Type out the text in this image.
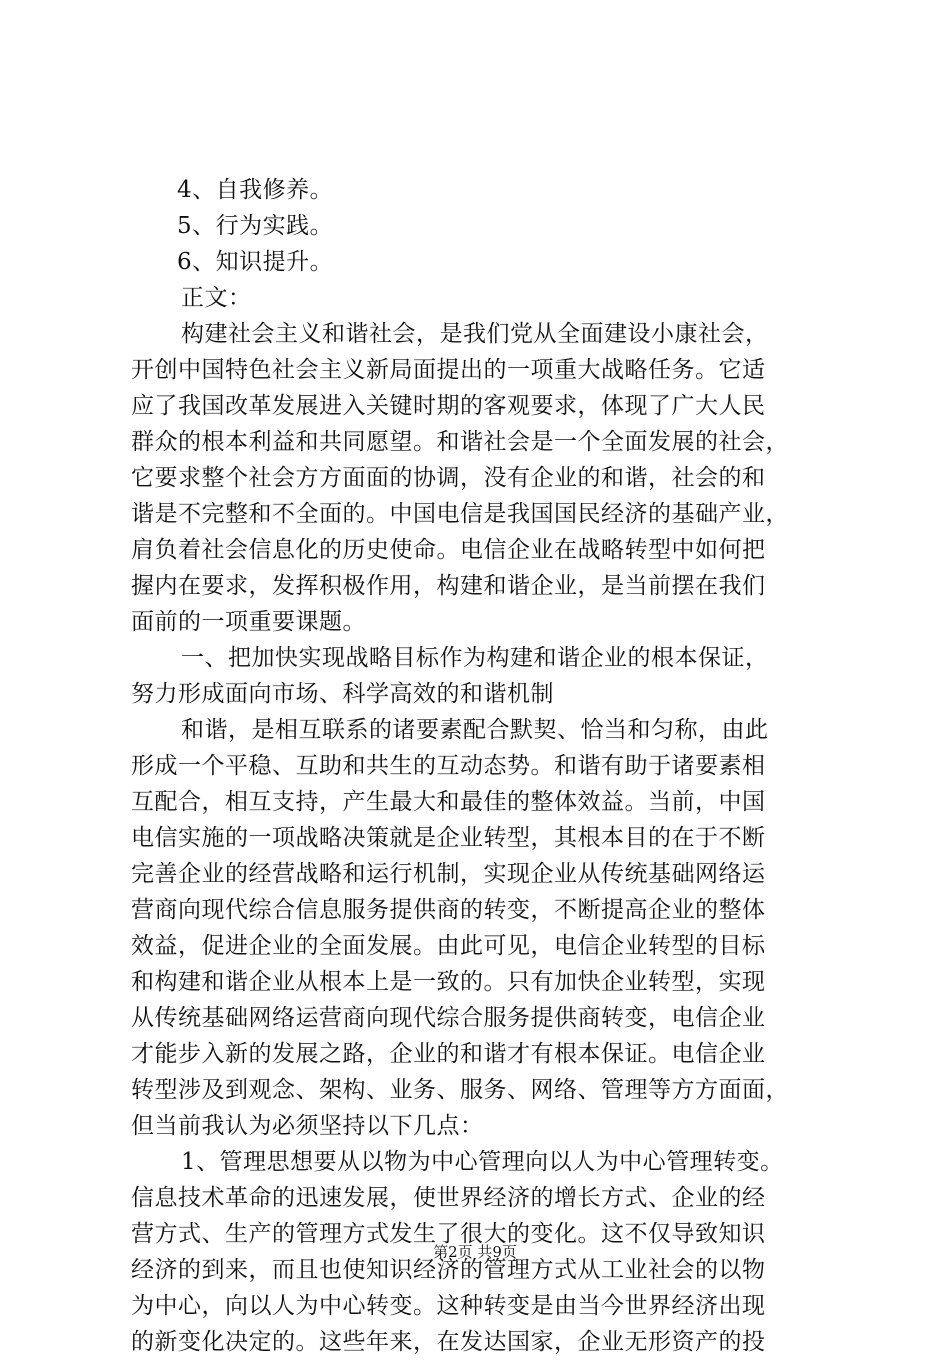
4、自我修养。
5、行为实践。
6、知识提升。
正文：
构建社会主义和谐社会，是我们党从全面建设小康社会，
开创中国特色社会主义新局面提出的一项重大战略任务。它适
应了我国改革发展进入关键时期的客观要求，体现了广大人民
群众的根本利益和共同愿望。和谐社会是一个全面发展的社会，
它要求整个社会方方面面的协调，没有企业的和谐，社会的和
谐是不完整和不全面的。中国电信是我国国民经济的基础产业，
肩负着社会信息化的历史使命。电信企业在战略转型中如何把
握内在要求，发挥积极作用，构建和谐企业，是当前摆在我们
面前的一项重要课题。
一、把加快实现战略目标作为构建和谐企业的根本保证，
努力形成面向市场、科学高效的和谐机制
和谐，是相互联系的诸要素配合默契、恰当和匀称，由此
形成一个平稳、互助和共生的互动态势。和谐有助于诸要素相
互配合，相互支持，产生最大和最佳的整体效益。当前，中国
电信实施的一项战略决策就是企业转型，其根本目的在于不断
完善企业的经营战略和运行机制，实现企业从传统基础网络运
营商向现代综合信息服务提供商的转变，不断提高企业的整体
效益，促进企业的全面发展。由此可见，电信企业转型的目标
和构建和谐企业从根本上是一致的。只有加快企业转型，实现
从传统基础网络运营商向现代综合服务提供商转变，电信企业
才能步入新的发展之路，企业的和谐才有根本保证。电信企业
转型涉及到观念、架构、业务、服务、网络、管理等方方面面，
但当前我认为必须坚持以下几点：
1、管理思想要从以物为中心管理向以人为中心管理转变。
信息技术革命的迅速发展，使世界经济的增长方式、企业的经
营方式、生产的管理方式发生了很大的变化。这不仅导致知识
经济的到来，而且也使知识经济的管理方式从工业社会的以物
为中心，向以人为中心转变。这种转变是由当今世界经济出现
的新变化决定的。这些年来，在发达国家，企业无形资产的投
第2页 共9页
